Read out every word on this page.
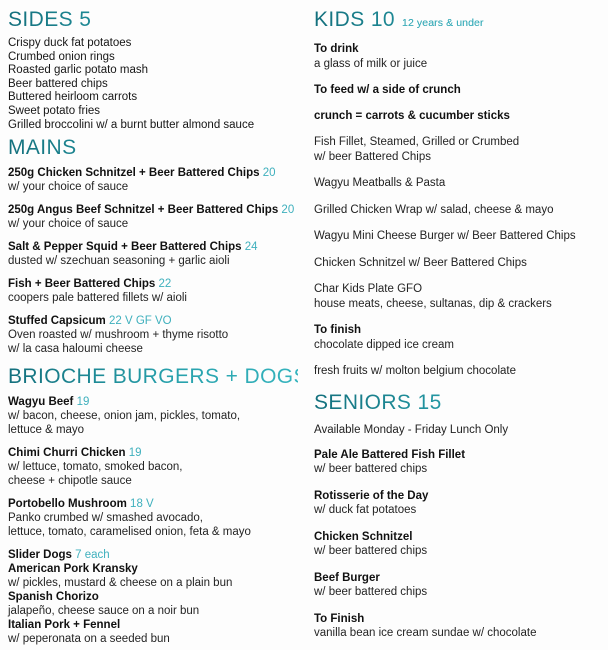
SIDES 5
Crispy duck fat potatoes
Crumbed onion rings
Roasted garlic potato mash
Beer battered chips
Buttered heirloom carrots
Sweet potato fries
Grilled broccolini w/ a burnt butter almond sauce
MAINS
250g Chicken Schnitzel + Beer Battered Chips 20
w/ your choice of sauce
250g Angus Beef Schnitzel + Beer Battered Chips 20
w/ your choice of sauce
Salt & Pepper Squid + Beer Battered Chips 24
dusted w/ szechuan seasoning + garlic aioli
Fish + Beer Battered Chips 22
coopers pale battered fillets w/ aioli
Stuffed Capsicum 22 V GF VO
Oven roasted w/ mushroom + thyme risotto
w/ la casa haloumi cheese
BRIOCHE BURGERS + DOGS
Wagyu Beef 19
w/ bacon, cheese, onion jam, pickles, tomato,
lettuce & mayo
Chimi Churri Chicken 19
w/ lettuce, tomato, smoked bacon,
cheese + chipotle sauce
Portobello Mushroom 18 V
Panko crumbed w/ smashed avocado,
lettuce, tomato, caramelised onion, feta & mayo
Slider Dogs 7 each
American Pork Kransky
w/ pickles, mustard & cheese on a plain bun
Spanish Chorizo
jalapeño, cheese sauce on a noir bun
Italian Pork + Fennel
w/ peperonata on a seeded bun
KIDS 10 12 years & under
To drink
a glass of milk or juice
To feed w/ a side of crunch
crunch = carrots & cucumber sticks
Fish Fillet, Steamed, Grilled or Crumbed
w/ beer Battered Chips
Wagyu Meatballs & Pasta
Grilled Chicken Wrap w/ salad, cheese & mayo
Wagyu Mini Cheese Burger w/ Beer Battered Chips
Chicken Schnitzel w/ Beer Battered Chips
Char Kids Plate GFO
house meats, cheese, sultanas, dip & crackers
To finish
chocolate dipped ice cream
fresh fruits w/ molton belgium chocolate
SENIORS 15
Available Monday - Friday Lunch Only
Pale Ale Battered Fish Fillet
w/ beer battered chips
Rotisserie of the Day
w/ duck fat potatoes
Chicken Schnitzel
w/ beer battered chips
Beef Burger
w/ beer battered chips
To Finish
vanilla bean ice cream sundae w/ chocolate
